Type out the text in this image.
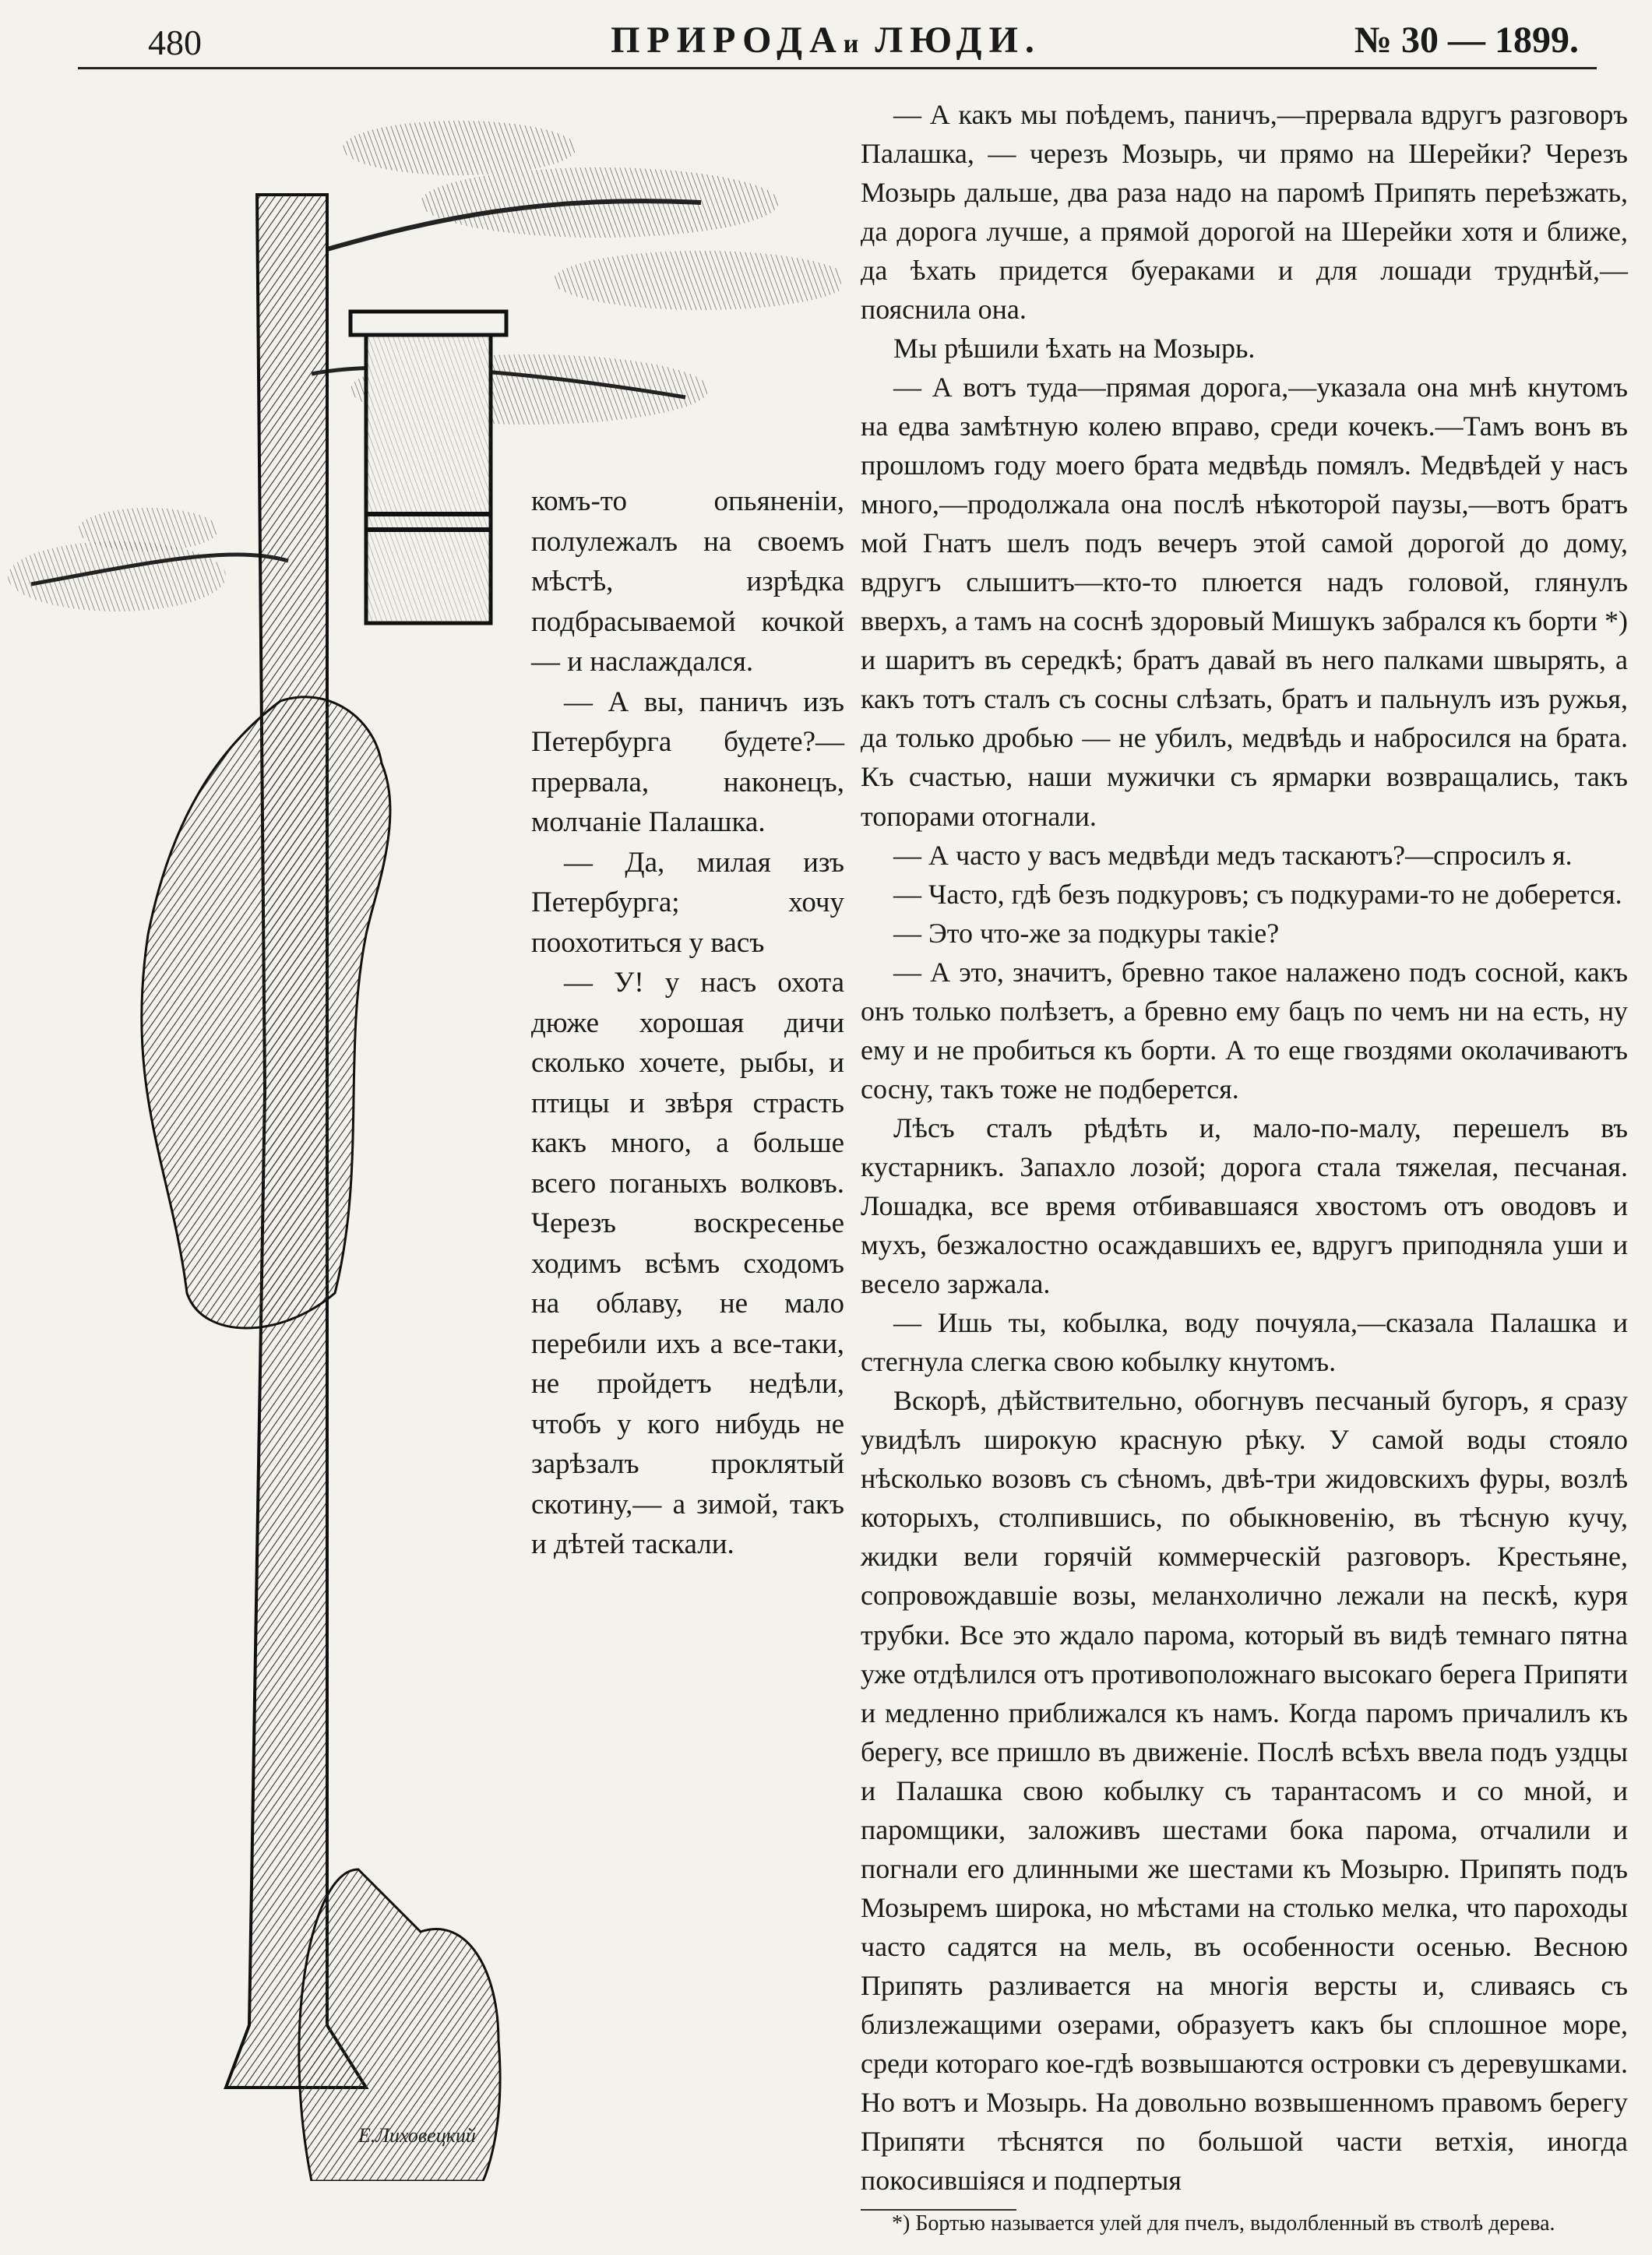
480	ПРИРОДАи ЛЮДИ.	№ 30 — 1899.
Е.Лиховецкий

— А какъ мы поѣдемъ, паничъ,—прервала вдругъ разговоръ Палашка, — черезъ Мозырь, чи прямо на Шерейки? Черезъ Мозырь дальше, два раза надо на паромѣ Припять переѣзжать, да дорога лучше, а прямой дорогой на Шерейки хотя и ближе, да ѣхать придется буераками и для лошади труднѣй,— пояснила она.

Мы рѣшили ѣхать на Мозырь.

— А вотъ туда—прямая дорога,—указала она мнѣ кнутомъ на едва замѣтную колею вправо, среди кочекъ.—Тамъ вонъ въ прошломъ году моего брата медвѣдь помялъ. Медвѣдей у насъ много,—продолжала она послѣ нѣкоторой паузы,—вотъ братъ мой Гнатъ шелъ подъ вечеръ этой самой дорогой до дому, вдругъ слышитъ—кто-то плюется надъ головой, глянулъ вверхъ, а тамъ на соснѣ здоровый Мишукъ забрался къ борти *) и шаритъ въ середкѣ; братъ давай въ него палками швырять, а какъ тотъ сталъ съ сосны слѣзать, братъ и пальнулъ изъ ружья, да только дробью — не убилъ, медвѣдь и набросился на брата. Къ счастью, наши мужички съ ярмарки возвращались, такъ топорами отогнали.

— А часто у васъ медвѣди медъ таскаютъ?—спросилъ я.

— Часто, гдѣ безъ подкуровъ; съ подкурами-то не доберется.

— Это что-же за подкуры такіе?

— А это, значитъ, бревно такое налажено подъ сосной, какъ онъ только полѣзетъ, а бревно ему бацъ по чемъ ни на есть, ну ему и не пробиться къ борти. А то еще гвоздями околачиваютъ сосну, такъ тоже не подберется.

Лѣсъ сталъ рѣдѣть и, мало-по-малу, перешелъ въ кустарникъ. Запахло лозой; дорога стала тяжелая, песчаная. Лошадка, все время отбивавшаяся хвостомъ отъ оводовъ и мухъ, безжалостно осаждавшихъ ее, вдругъ приподняла уши и весело заржала.

— Ишь ты, кобылка, воду почуяла,—сказала Палашка и стегнула слегка свою кобылку кнутомъ.

Вскорѣ, дѣйствительно, обогнувъ песчаный бугоръ, я сразу увидѣлъ широкую красную рѣку. У самой воды стояло нѣсколько возовъ съ сѣномъ, двѣ-три жидовскихъ фуры, возлѣ которыхъ, столпившись, по обыкновенію, въ тѣсную кучу, жидки вели горячій коммерческій разговоръ. Крестьяне, сопровождавшіе возы, меланхолично лежали на пескѣ, куря трубки. Все это ждало парома, который въ видѣ темнаго пятна уже отдѣлился отъ противоположнаго высокаго берега Припяти и медленно приближался къ намъ. Когда паромъ причалилъ къ берегу, все пришло въ движеніе. Послѣ всѣхъ ввела подъ уздцы и Палашка свою кобылку съ тарантасомъ и со мной, и паромщики, заложивъ шестами бока парома, отчалили и погнали его длинными же шестами къ Мозырю. Припять подъ Мозыремъ широка, но мѣстами на столько мелка, что пароходы часто садятся на мель, въ особенности осенью. Весною Припять разливается на многія версты и, сливаясь съ близлежащими озерами, образуетъ какъ бы сплошное море, среди котораго кое-гдѣ возвышаются островки съ деревушками. Но вотъ и Мозырь. На довольно возвышенномъ правомъ берегу Припяти тѣснятся по большой части ветхія, иногда покосившіяся и подпертыя

комъ-то опьяненіи, полулежалъ на своемъ мѣстѣ, изрѣдка подбрасываемой кочкой — и наслаждался.

— А вы, паничъ изъ Петербурга будете?—прервала, наконецъ, молчаніе Палашка.

— Да, милая изъ Петербурга; хочу поохотиться у васъ

— У! у насъ охота дюже хорошая дичи сколько хочете, рыбы, и птицы и звѣря страсть какъ много, а больше всего поганыхъ волковъ. Черезъ воскресенье ходимъ всѣмъ сходомъ на облаву, не мало перебили ихъ а все-таки, не пройдетъ недѣли, чтобъ у кого нибудь не зарѣзалъ проклятый скотину,— а зимой, такъ и дѣтей таскали.

*) Бортью называется улей для пчелъ, выдолбленный въ стволѣ дерева.
